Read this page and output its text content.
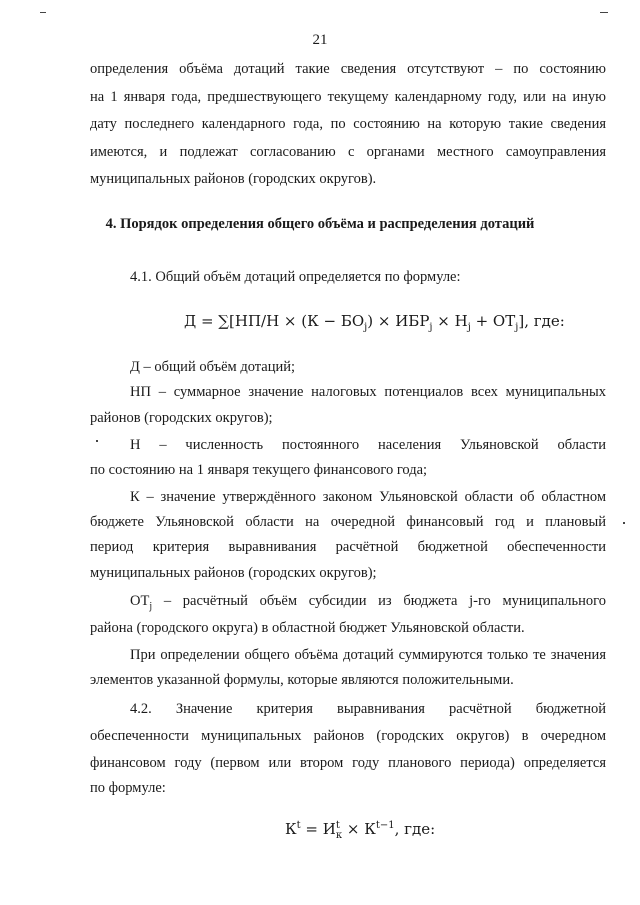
21
определения объёма дотаций такие сведения отсутствуют – по состоянию
на 1 января года, предшествующего текущему календарному году, или на иную
дату последнего календарного года, по состоянию на которую такие сведения
имеются, и подлежат согласованию с органами местного самоуправления
муниципальных районов (городских округов).
4. Порядок определения общего объёма и распределения дотаций
4.1. Общий объём дотаций определяется по формуле:
$Д = \sum[НП/Н \times (К - БО_j) \times ИБР_j \times Н_j + ОТ_j]$, где:
Д – общий объём дотаций;
НП – суммарное значение налоговых потенциалов всех муниципальных
районов (городских округов);
Н – численность постоянного населения Ульяновской области
по состоянию на 1 января текущего финансового года;
К – значение утверждённого законом Ульяновской области об областном
бюджете Ульяновской области на очередной финансовый год и плановый
период критерия выравнивания расчётной бюджетной обеспеченности
муниципальных районов (городских округов);
$ОТ_j$ – расчётный объём субсидии из бюджета j-го муниципального
района (городского округа) в областной бюджет Ульяновской области.
При определении общего объёма дотаций суммируются только те значения
элементов указанной формулы, которые являются положительными.
4.2. Значение критерия выравнивания расчётной бюджетной
обеспеченности муниципальных районов (городских округов) в очередном
финансовом году (первом или втором году планового периода) определяется
по формуле:
$К^t = И^t_к \times К^{t-1}$, где:
